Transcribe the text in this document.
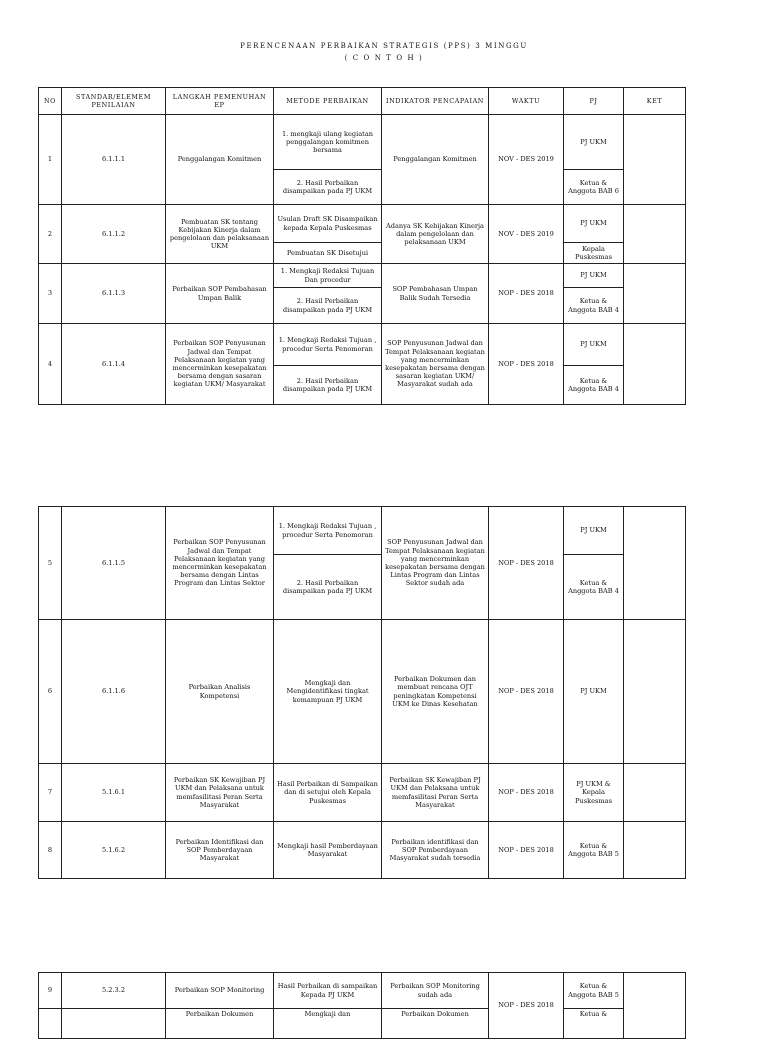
PERENCENAAN PERBAIKAN STRATEGIS (PPS) 3 MINGGU
( C O N T O H )
NO	STANDAR/ELEMEM PENILAIAN	LANGKAH PEMENUHAN EP	METODE PERBAIKAN	INDIKATOR PENCAPAIAN	WAKTU	PJ	KET
1	6.1.1.1	Penggalangan Komitmen	1. mengkaji ulang kegiatan penggalangan komitmen bersama	Penggalangan Komitmen	NOV - DES 2019	PJ UKM	
			2. Hasil Perbaikan disampaikan pada PJ UKM			Ketua & Anggota BAB 6	
2	6.1.1.2	Pembuatan SK tentang Kebijakan Kinerja dalam pengelolaan dan pelaksanaan UKM	Usulan Draft SK Disampaikan kepada Kepala Puskesmas	Adanya SK Kebijakan Kinerja dalam pengelolaan dan pelaksanaan UKM	NOV - DES 2019	PJ UKM	
			Pembuatan SK Disetujui			Kepala Puskesmas	
3	6.1.1.3	Perbaikan SOP Pembahasan Umpan Balik	1. Mengkaji Redaksi Tujuan Dan procedur	SOP Pembahasan Umpan Balik Sudah Tersedia	NOP - DES 2018	PJ UKM	
			2. Hasil Perbaikan disampaikan pada PJ UKM			Ketua & Anggota BAB 4	
4	6.1.1.4	Perbaikan SOP Penyusunan Jadwal dan Tempat Pelaksanaan kegiatan yang mencerminkan kesepakatan bersama dengan sasaran kegiatan UKM/ Masyarakat	1. Mengkaji Redaksi Tujuan , procedur Serta Penomoran	SOP Penyusunan Jadwal dan Tempat Pelaksanaan kegiatan yang mencerminkan kesepakatan bersama dengan sasaran kegiatan UKM/ Masyarakat sudah ada	NOP - DES 2018	PJ UKM	
			2. Hasil Perbaikan disampaikan pada PJ UKM			Ketua & Anggota BAB 4	
5	6.1.1.5	Perbaikan SOP Penyusunan Jadwal dan Tempat Pelaksanaan kegiatan yang mencerminkan kesepakatan bersama dengan Lintas Program dan Lintas Sektor	1. Mengkaji Redaksi Tujuan , procedur Serta Penomoran	SOP Penyusunan Jadwal dan Tempat Pelaksanaan kegiatan yang mencerminkan kesepakatan bersama dengan Lintas Program dan Lintas Sektor sudah ada	NOP - DES 2018	PJ UKM	
			2. Hasil Perbaikan disampaikan pada PJ UKM			Ketua & Anggota BAB 4	
6	6.1.1.6	Perbaikan Analisis Kompetensi	Mengkaji dan Mengidentifikasi tingkat kemampuan PJ UKM	Perbaikan Dokumen dan membuat rencana OJT peningkatan Kompetensi UKM ke Dinas Kesehatan	NOP - DES 2018	PJ UKM	
7	5.1.6.1	Perbaikan SK Kewajiban PJ UKM dan Pelaksana untuk memfasilitasi Peran Serta Masyarakat	Hasil Perbaikan di Sampaikan dan di setujui oleh Kepala Puskesmas	Perbaikan SK Kewajiban PJ UKM dan Pelaksana untuk memfasilitasi Peran Serta Masyarakat	NOP - DES 2018	PJ UKM & Kepala Puskesmas	
8	5.1.6.2	Perbaikan Identifikasi dan SOP Pemberdayaan Masyarakat	Mengkaji hasil Pemberdayaan Masyarakat	Perbaikan identifikasi dan SOP Pemberdayaan Masyarakat sudah tersedia	NOP - DES 2018	Ketua & Anggota BAB 5	
9	5.2.3.2	Perbaikan SOP Monitoring	Hasil Perbaikan di sampaikan Kepada PJ UKM	Perbaikan SOP Monitoring sudah ada	NOP - DES 2018	Ketua & Anggota BAB 5	
		Perbaikan Dokumen	Mengkaji dan	Perbaikan Dokumen		Ketua &	
